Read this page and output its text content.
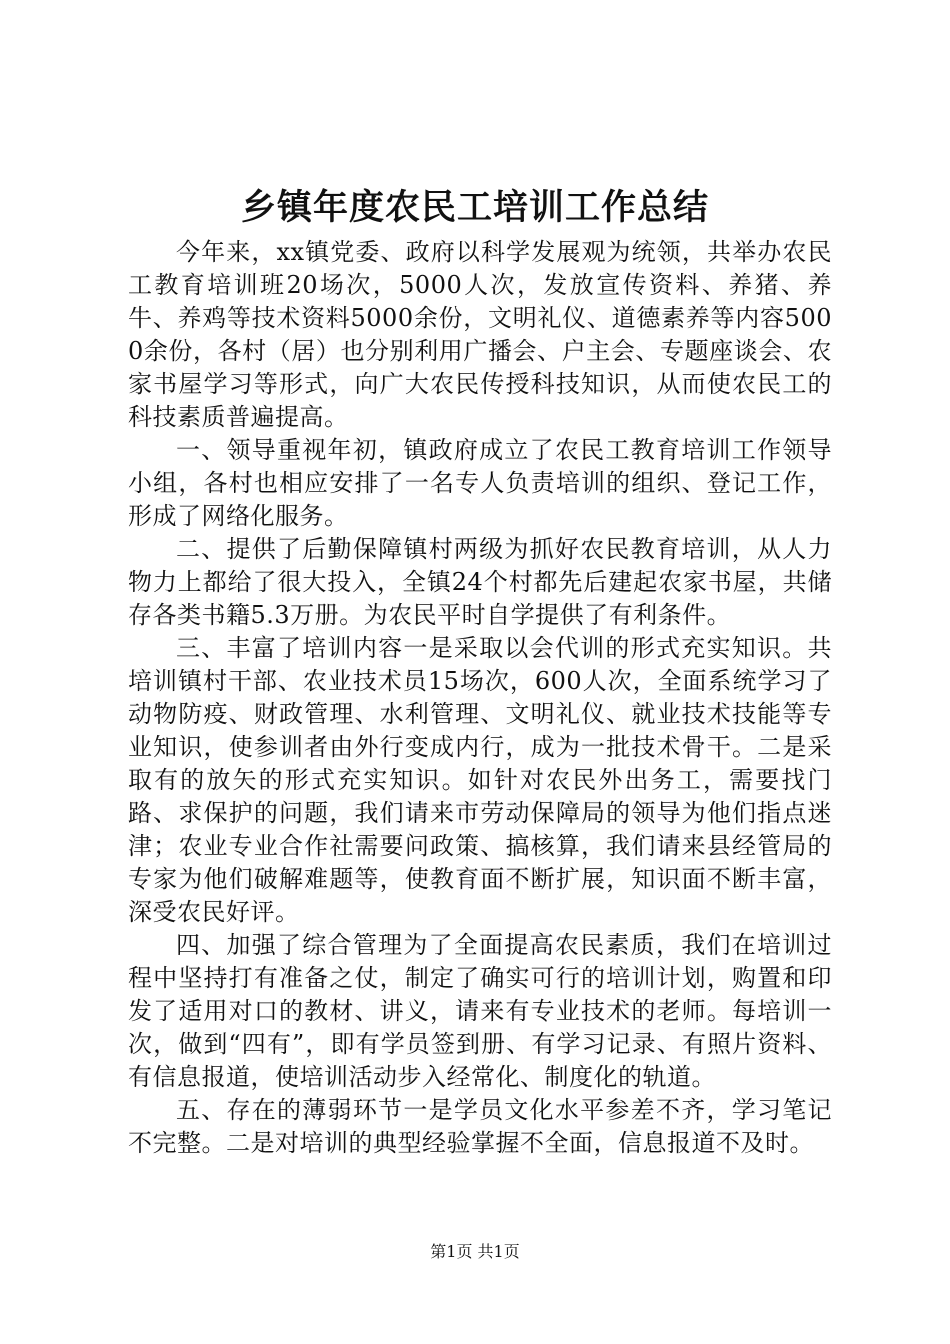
乡镇年度农民工培训工作总结

今年来，xx镇党委、政府以科学发展观为统领，共举办农民工教育培训班20场次，5000人次，发放宣传资料、养猪、养牛、养鸡等技术资料5000余份，文明礼仪、道德素养等内容5000余份，各村（居）也分别利用广播会、户主会、专题座谈会、农家书屋学习等形式，向广大农民传授科技知识，从而使农民工的科技素质普遍提高。

一、领导重视年初，镇政府成立了农民工教育培训工作领导小组，各村也相应安排了一名专人负责培训的组织、登记工作，形成了网络化服务。

二、提供了后勤保障镇村两级为抓好农民教育培训，从人力物力上都给了很大投入，全镇24个村都先后建起农家书屋，共储存各类书籍5.3万册。为农民平时自学提供了有利条件。

三、丰富了培训内容一是采取以会代训的形式充实知识。共培训镇村干部、农业技术员15场次，600人次，全面系统学习了动物防疫、财政管理、水利管理、文明礼仪、就业技术技能等专业知识，使参训者由外行变成内行，成为一批技术骨干。二是采取有的放矢的形式充实知识。如针对农民外出务工，需要找门路、求保护的问题，我们请来市劳动保障局的领导为他们指点迷津；农业专业合作社需要问政策、搞核算，我们请来县经管局的专家为他们破解难题等，使教育面不断扩展，知识面不断丰富，深受农民好评。

四、加强了综合管理为了全面提高农民素质，我们在培训过程中坚持打有准备之仗，制定了确实可行的培训计划，购置和印发了适用对口的教材、讲义，请来有专业技术的老师。每培训一次，做到“四有”，即有学员签到册、有学习记录、有照片资料、有信息报道，使培训活动步入经常化、制度化的轨道。

五、存在的薄弱环节一是学员文化水平参差不齐，学习笔记不完整。二是对培训的典型经验掌握不全面，信息报道不及时。

第1页 共1页
